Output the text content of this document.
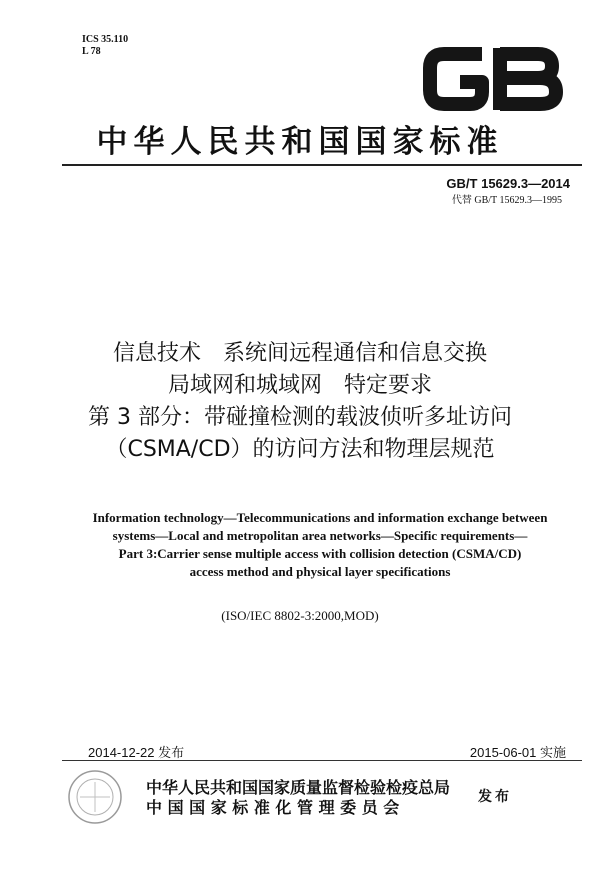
ICS 35.110
L 78
中华人民共和国国家标准
GB/T 15629.3—2014
代替 GB/T 15629.3—1995
信息技术　系统间远程通信和信息交换
局域网和城域网　特定要求
第 3 部分：带碰撞检测的载波侦听多址访问
（CSMA/CD）的访问方法和物理层规范
Information technology—Telecommunications and information exchange between
systems—Local and metropolitan area networks—Specific requirements—
Part 3:Carrier sense multiple access with collision detection (CSMA/CD)
access method and physical layer specifications
(ISO/IEC 8802-3:2000,MOD)
2014-12-22 发布	2015-06-01 实施
中华人民共和国国家质量监督检验检疫总局
中 国 国 家 标 准 化 管 理 委 员 会
发布
